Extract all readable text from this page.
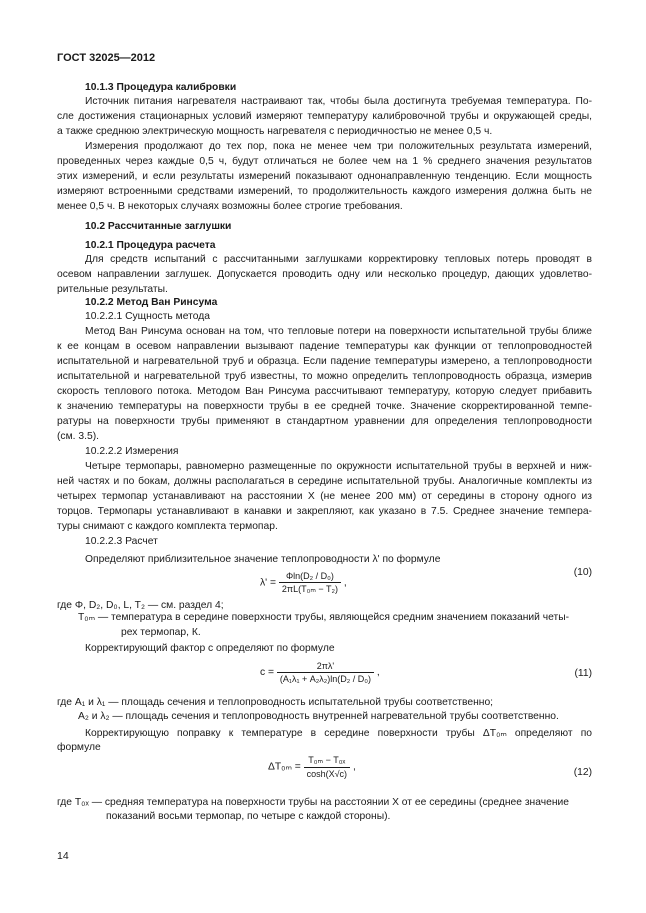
ГОСТ 32025—2012
10.1.3 Процедура калибровки
Источник питания нагревателя настраивают так, чтобы была достигнута требуемая температура. По-
сле достижения стационарных условий измеряют температуру калибровочной трубы и окружающей среды,
а также среднюю электрическую мощность нагревателя с периодичностью не менее 0,5 ч.
Измерения продолжают до тех пор, пока не менее чем три положительных результата измерений,
проведенных через каждые 0,5 ч, будут отличаться не более чем на 1 % среднего значения результатов
этих измерений, и если результаты измерений показывают однонаправленную тенденцию. Если мощность
измеряют встроенными средствами измерений, то продолжительность каждого измерения должна быть не
менее 0,5 ч. В некоторых случаях возможны более строгие требования.
10.2 Рассчитанные заглушки
10.2.1 Процедура расчета
Для средств испытаний с рассчитанными заглушками корректировку тепловых потерь проводят в
осевом направлении заглушек. Допускается проводить одну или несколько процедур, дающих удовлетво-
рительные результаты.
10.2.2 Метод Ван Ринсума
10.2.2.1 Сущность метода
Метод Ван Ринсума основан на том, что тепловые потери на поверхности испытательной трубы ближе
к ее концам в осевом направлении вызывают падение температуры как функции от теплопроводностей
испытательной и нагревательной труб и образца. Если падение температуры измерено, а теплопроводности
испытательной и нагревательной труб известны, то можно определить теплопроводность образца, измерив
скорость теплового потока. Методом Ван Ринсума рассчитывают температуру, которую следует прибавить
к значению температуры на поверхности трубы в ее средней точке. Значение скорректированной темпе-
ратуры на поверхности трубы применяют в стандартном уравнении для определения теплопроводности
(см. 3.5).
10.2.2.2 Измерения
Четыре термопары, равномерно размещенные по окружности испытательной трубы в верхней и ниж-
ней частях и по бокам, должны располагаться в середине испытательной трубы. Аналогичные комплекты из
четырех термопар устанавливают на расстоянии X (не менее 200 мм) от середины в сторону одного из
торцов. Термопары устанавливают в канавки и закрепляют, как указано в 7.5. Среднее значение темпера-
туры снимают с каждого комплекта термопар.
10.2.2.3 Расчет
Определяют приблизительное значение теплопроводности λ' по формуле
$\lambda' = \frac{\text{Φln(D₂ / D₀)}}{\text{2πL(T₀ₘ − T₂)}}$ ,
(10)
где Φ, D₂, D₀, L, T₂ — см. раздел 4;
T₀ₘ — температура в середине поверхности трубы, являющейся средним значением показаний четы-
рех термопар, К.
Корректирующий фактор c определяют по формуле
$c = \frac{2\pi\lambda'}{\text{(A₁λ₁ + A₂λ₂)ln(D₂ / D₀)}}$ ,	(11)
где A₁ и λ₁ — площадь сечения и теплопроводность испытательной трубы соответственно;
A₂ и λ₂ — площадь сечения и теплопроводность внутренней нагревательной трубы соответственно.
Корректирующую поправку к температуре в середине поверхности трубы ΔT₀ₘ определяют по
формуле
$\Delta T_{0m} = \frac{\text{T₀ₘ − T₀ₓ}}{\cosh(X√c)}$ ,	(12)
где T₀ₓ — средняя температура на поверхности трубы на расстоянии X от ее середины (среднее значение
показаний восьми термопар, по четыре с каждой стороны).
14
